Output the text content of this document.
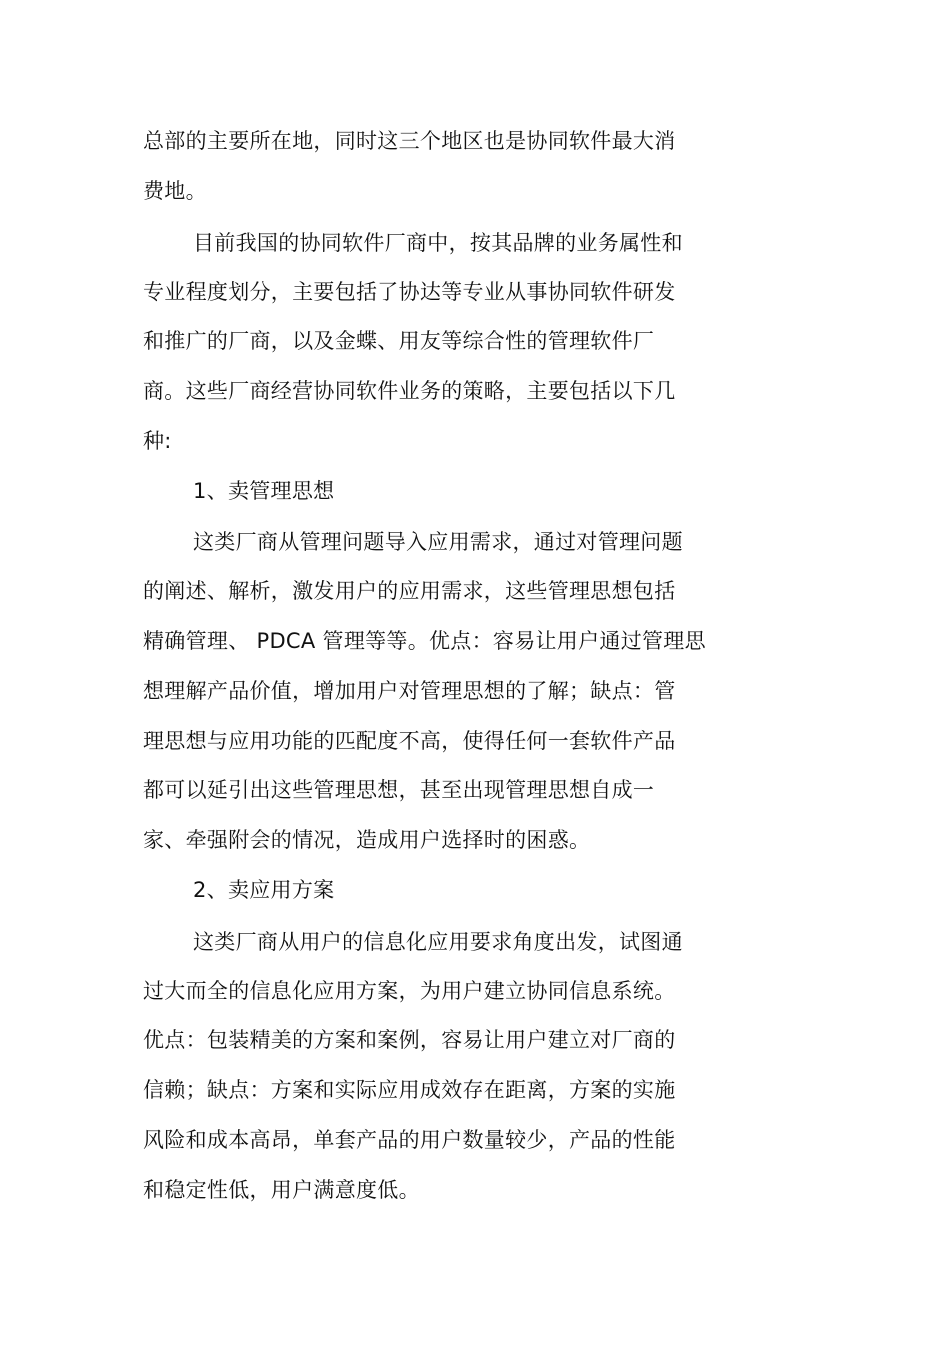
总部的主要所在地，同时这三个地区也是协同软件最大消
费地。
目前我国的协同软件厂商中，按其品牌的业务属性和
专业程度划分，主要包括了协达等专业从事协同软件研发
和推广的厂商，以及金蝶、用友等综合性的管理软件厂
商。这些厂商经营协同软件业务的策略，主要包括以下几
种:
1、卖管理思想
这类厂商从管理问题导入应用需求，通过对管理问题
的阐述、解析，激发用户的应用需求，这些管理思想包括
精确管理、 PDCA 管理等等。优点：容易让用户通过管理思
想理解产品价值，增加用户对管理思想的了解；缺点：管
理思想与应用功能的匹配度不高，使得任何一套软件产品
都可以延引出这些管理思想，甚至出现管理思想自成一
家、牵强附会的情况，造成用户选择时的困惑。
2、卖应用方案
这类厂商从用户的信息化应用要求角度出发，试图通
过大而全的信息化应用方案，为用户建立协同信息系统。
优点：包装精美的方案和案例，容易让用户建立对厂商的
信赖；缺点：方案和实际应用成效存在距离，方案的实施
风险和成本高昂，单套产品的用户数量较少，产品的性能
和稳定性低，用户满意度低。
